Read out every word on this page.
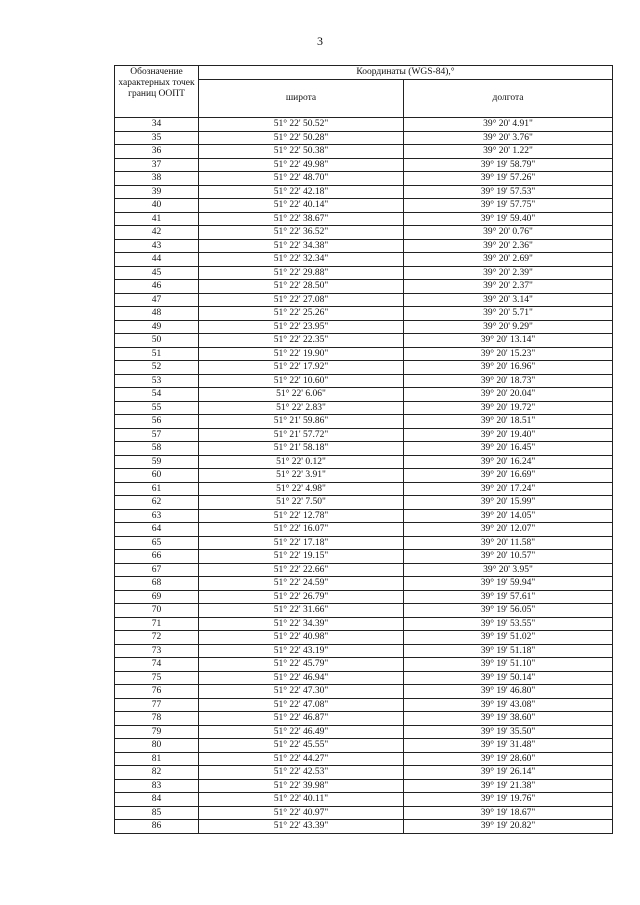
3
Обозначение характерных точек границ ООПТ	Координаты (WGS-84),°	
	широта	долгота
34	51° 22' 50.52"	39° 20' 4.91"
35	51° 22' 50.28"	39° 20' 3.76"
36	51° 22' 50.38"	39° 20' 1.22"
37	51° 22' 49.98"	39° 19' 58.79"
38	51° 22' 48.70"	39° 19' 57.26"
39	51° 22' 42.18"	39° 19' 57.53"
40	51° 22' 40.14"	39° 19' 57.75"
41	51° 22' 38.67"	39° 19' 59.40"
42	51° 22' 36.52"	39° 20' 0.76"
43	51° 22' 34.38"	39° 20' 2.36"
44	51° 22' 32.34"	39° 20' 2.69"
45	51° 22' 29.88"	39° 20' 2.39"
46	51° 22' 28.50"	39° 20' 2.37"
47	51° 22' 27.08"	39° 20' 3.14"
48	51° 22' 25.26"	39° 20' 5.71"
49	51° 22' 23.95"	39° 20' 9.29"
50	51° 22' 22.35"	39° 20' 13.14"
51	51° 22' 19.90"	39° 20' 15.23"
52	51° 22' 17.92"	39° 20' 16.96"
53	51° 22' 10.60"	39° 20' 18.73"
54	51° 22' 6.06"	39° 20' 20.04"
55	51° 22' 2.83"	39° 20' 19.72"
56	51° 21' 59.86"	39° 20' 18.51"
57	51° 21' 57.72"	39° 20' 19.40"
58	51° 21' 58.18"	39° 20' 16.45"
59	51° 22' 0.12"	39° 20' 16.24"
60	51° 22' 3.91"	39° 20' 16.69"
61	51° 22' 4.98"	39° 20' 17.24"
62	51° 22' 7.50"	39° 20' 15.99"
63	51° 22' 12.78"	39° 20' 14.05"
64	51° 22' 16.07"	39° 20' 12.07"
65	51° 22' 17.18"	39° 20' 11.58"
66	51° 22' 19.15"	39° 20' 10.57"
67	51° 22' 22.66"	39° 20' 3.95"
68	51° 22' 24.59"	39° 19' 59.94"
69	51° 22' 26.79"	39° 19' 57.61"
70	51° 22' 31.66"	39° 19' 56.05"
71	51° 22' 34.39"	39° 19' 53.55"
72	51° 22' 40.98"	39° 19' 51.02"
73	51° 22' 43.19"	39° 19' 51.18"
74	51° 22' 45.79"	39° 19' 51.10"
75	51° 22' 46.94"	39° 19' 50.14"
76	51° 22' 47.30"	39° 19' 46.80"
77	51° 22' 47.08"	39° 19' 43.08"
78	51° 22' 46.87"	39° 19' 38.60"
79	51° 22' 46.49"	39° 19' 35.50"
80	51° 22' 45.55"	39° 19' 31.48"
81	51° 22' 44.27"	39° 19' 28.60"
82	51° 22' 42.53"	39° 19' 26.14"
83	51° 22' 39.98"	39° 19' 21.38"
84	51° 22' 40.11"	39° 19' 19.76"
85	51° 22' 40.97"	39° 19' 18.67"
86	51° 22' 43.39"	39° 19' 20.82"
